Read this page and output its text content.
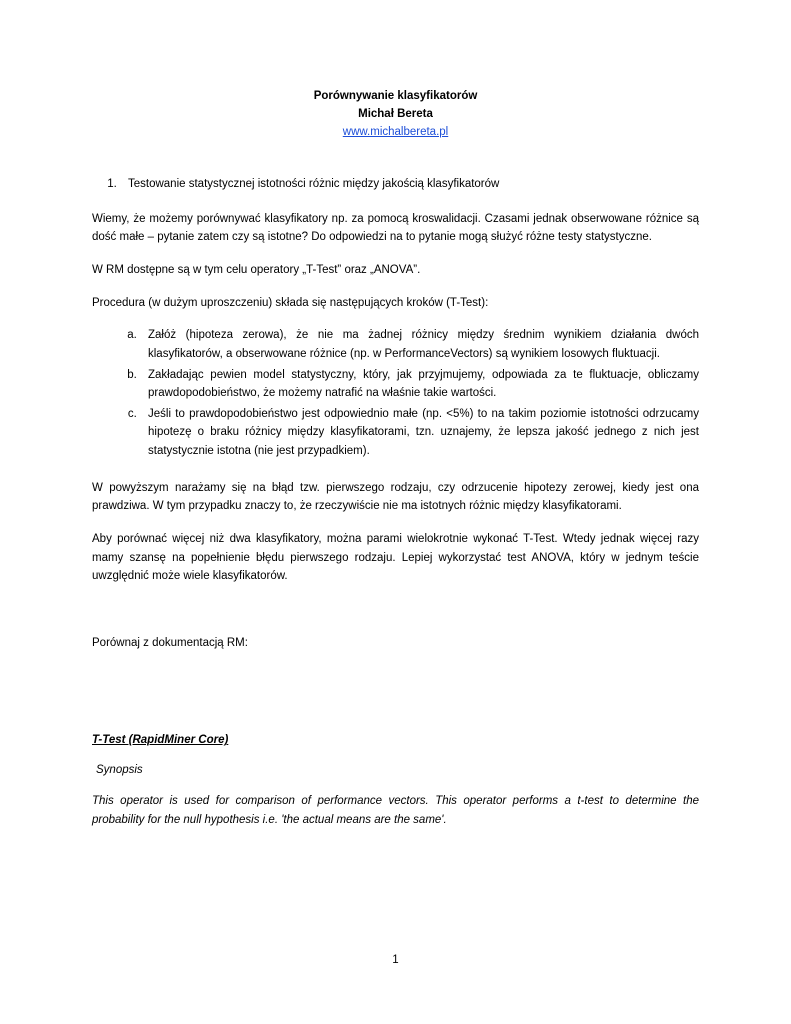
Porównywanie klasyfikatorów
Michał Bereta
www.michalbereta.pl
1. Testowanie statystycznej istotności różnic między jakością klasyfikatorów

Wiemy, że możemy porównywać klasyfikatory np. za pomocą kroswalidacji. Czasami jednak obserwowane różnice są dość małe – pytanie zatem czy są istotne? Do odpowiedzi na to pytanie mogą służyć różne testy statystyczne.

W RM dostępne są w tym celu operatory „T-Test” oraz „ANOVA”.

Procedura (w dużym uproszczeniu) składa się następujących kroków (T-Test):

a. Załóż (hipoteza zerowa), że nie ma żadnej różnicy między średnim wynikiem działania dwóch klasyfikatorów, a obserwowane różnice (np. w PerformanceVectors) są wynikiem losowych fluktuacji.
b. Zakładając pewien model statystyczny, który, jak przyjmujemy, odpowiada za te fluktuacje, obliczamy prawdopodobieństwo, że możemy natrafić na właśnie takie wartości.
c. Jeśli to prawdopodobieństwo jest odpowiednio małe (np. <5%) to na takim poziomie istotności odrzucamy hipotezę o braku różnicy między klasyfikatorami, tzn. uznajemy, że lepsza jakość jednego z nich jest statystycznie istotna (nie jest przypadkiem).

W powyższym narażamy się na błąd tzw. pierwszego rodzaju, czy odrzucenie hipotezy zerowej, kiedy jest ona prawdziwa. W tym przypadku znaczy to, że rzeczywiście nie ma istotnych różnic między klasyfikatorami.

Aby porównać więcej niż dwa klasyfikatory, można parami wielokrotnie wykonać T-Test. Wtedy jednak więcej razy mamy szansę na popełnienie błędu pierwszego rodzaju. Lepiej wykorzystać test ANOVA, który w jednym teście uwzględnić może wiele klasyfikatorów.

Porównaj z dokumentacją RM:

T-Test (RapidMiner Core)
Synopsis

This operator is used for comparison of performance vectors. This operator performs a t-test to determine the probability for the null hypothesis i.e. 'the actual means are the same'.

1
